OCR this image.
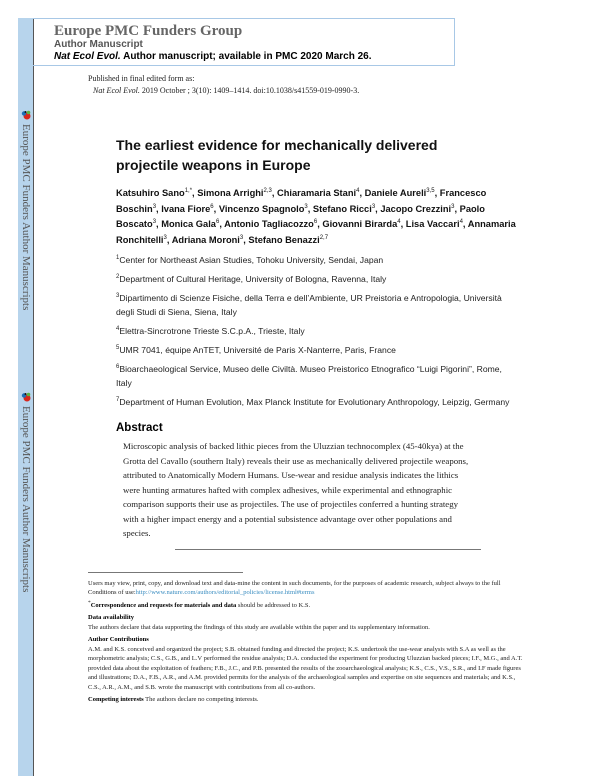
Europe PMC Funders Author Manuscripts
Europe PMC Funders Author Manuscripts
Europe PMC Funders Group
Author Manuscript
Nat Ecol Evol. Author manuscript; available in PMC 2020 March 26.
Published in final edited form as:
Nat Ecol Evol. 2019 October ; 3(10): 1409–1414. doi:10.1038/s41559-019-0990-3.
The earliest evidence for mechanically delivered projectile weapons in Europe
Katsuhiro Sano$^{1,*}$, Simona Arrighi$^{2,3}$, Chiaramaria Stani$^4$, Daniele Aureli$^{3,5}$, Francesco Boschin$^3$, Ivana Fiore$^6$, Vincenzo Spagnolo$^3$, Stefano Ricci$^3$, Jacopo Crezzini$^3$, Paolo Boscato$^3$, Monica Gala$^6$, Antonio Tagliacozzo$^6$, Giovanni Birarda$^4$, Lisa Vaccari$^4$, Annamaria Ronchitelli$^3$, Adriana Moroni$^3$, Stefano Benazzi$^{2,7}$
$^1$Center for Northeast Asian Studies, Tohoku University, Sendai, Japan
$^2$Department of Cultural Heritage, University of Bologna, Ravenna, Italy
$^3$Dipartimento di Scienze Fisiche, della Terra e dell’Ambiente, UR Preistoria e Antropologia, Università degli Studi di Siena, Siena, Italy
$^4$Elettra-Sincrotrone Trieste S.C.p.A., Trieste, Italy
$^5$UMR 7041, équipe AnTET, Université de Paris X-Nanterre, Paris, France
$^6$Bioarchaeological Service, Museo delle Civiltà. Museo Preistorico Etnografico “Luigi Pigorini”, Rome, Italy
$^7$Department of Human Evolution, Max Planck Institute for Evolutionary Anthropology, Leipzig, Germany
Abstract
Microscopic analysis of backed lithic pieces from the Uluzzian technocomplex (45-40kya) at the
Grotta del Cavallo (southern Italy) reveals their use as mechanically delivered projectile weapons,
attributed to Anatomically Modern Humans. Use-wear and residue analysis indicates the lithics
were hunting armatures hafted with complex adhesives, while experimental and ethnographic
comparison supports their use as projectiles. The use of projectiles conferred a hunting strategy
with a higher impact energy and a potential subsistence advantage over other populations and
species.
Users may view, print, copy, and download text and data-mine the content in such documents, for the purposes of academic research, subject always to the full Conditions of use:http://www.nature.com/authors/editorial_policies/license.html#terms
*Correspondence and requests for materials and data should be addressed to K.S.
Data availability
The authors declare that data supporting the findings of this study are available within the paper and its supplementary information.
Author Contributions
A.M. and K.S. conceived and organized the project; S.B. obtained funding and directed the project; K.S. undertook the use-wear analysis with S.A as well as the morphometric analysis; C.S., G.B., and L.V performed the residue analysis; D.A. conducted the experiment for producing Uluzzian backed pieces; I.F., M.G., and A.T. provided data about the exploitation of feathers; F.B., J.C., and P.B. presented the results of the zooarchaeological analysis; K.S., C.S., V.S., S.R., and I.F made figures and illustrations; D.A., F.B., A.R., and A.M. provided permits for the analysis of the archaeological samples and expertise on site sequences and materials; and K.S., C.S., A.R., A.M., and S.B. wrote the manuscript with contributions from all co-authors.
Competing interests The authors declare no competing interests.
